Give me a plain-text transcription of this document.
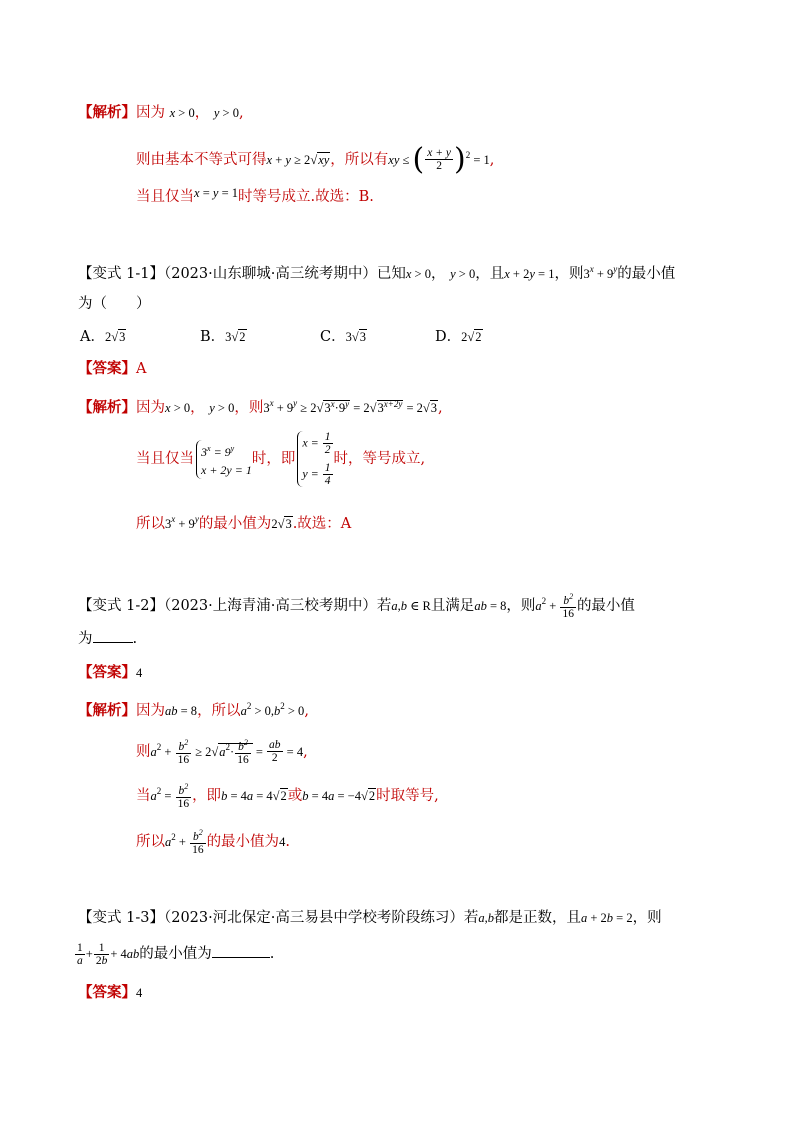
【解析】因为 x > 0， y > 0,
则由基本不等式可得x + y ≥ 2√xy，所以有xy ≤ ( $\frac{x + y}{2} )^2 = 1$,
当且仅当x = y = 1时等号成立.故选：B.
【变式 1-1】（2023·山东聊城·高三统考期中）已知x > 0， y > 0，且x + 2y = 1，则$3^x + 9^y$的最小值
为（　　）
A．2√3	B．3√2	C．3√3	D．2√2
【答案】A
【解析】因为x > 0， y > 0，则$3^x + 9^y \ge 2√3^x\cdot 9^y = 2√3^{x+2y} = 2√3$,
当且仅当 $3^x = 9^y$
x + 2y = 1
时，即
$x = \frac{1}{2}$
$y = \frac{1}{4}$
时，等号成立,
所以$3^x + 9^y$的最小值为2√3.故选：A
【变式 1-2】（2023·上海青浦·高三校考期中）若a,b ∈ R且满足ab = 8，则$a^2 + \frac{b^2}{16}$ 的最小值
为	.
【答案】4
【解析】因为ab = 8，所以$a^2 > 0,b^2 > 0$,
则$a^2 + \frac{b^2}{16} \ge 2√a^2\cdot \frac{b^2}{16} = \frac{ab}{2} = 4$,
当$a^2 = \frac{b^2}{16}$ ，即b = 4a = 4√2或b = 4a = −4√2时取等号,
所以$a^2 + \frac{b^2}{16}$ 的最小值为4.
【变式 1-3】（2023·河北保定·高三易县中学校考阶段练习）若a,b都是正数，且a + 2b = 2，则
$\frac{1}{a} + \frac{1}{2b} + 4ab$的最小值为	.
【答案】4
